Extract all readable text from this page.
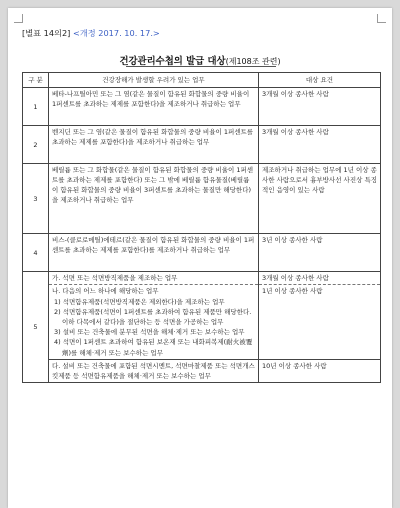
[별표 14의2] <개정 2017. 10. 17.>
건강관리수첩의 발급 대상(제108조 관련)
구 분	건강장해가 발생할 우려가 있는 업무	대상 요건
1	베타-나프틸아민 또는 그 염(같은 물질이 함유된 화합물의 중량 비율이 1퍼센트를 초과하는 제제를 포함한다)을 제조하거나 취급하는 업무	3개월 이상 종사한 사람
2	벤지딘 또는 그 염(같은 물질이 함유된 화합물의 중량 비율이 1퍼센트를 초과하는 제제를 포함한다)을 제조하거나 취급하는 업무	3개월 이상 종사한 사람
3	베릴륨 또는 그 화합물(같은 물질이 함유된 화합물의 중량 비율이 1퍼센트를 초과하는 제제를 포함한다) 또는 그 밖에 베릴륨 함유물질(베릴륨이 함유된 화합물의 중량 비율이 3퍼센트를 초과하는 물질만 해당한다)을 제조하거나 취급하는 업무	제조하거나 취급하는 업무에 1년 이상 종사한 사람으로서 흉부방사선 사진상 특징적인 음영이 있는 사람
4	비스-(클로로메틸)에테르(같은 물질이 함유된 화합물의 중량 비율이 1퍼센트를 초과하는 제제를 포함한다)를 제조하거나 취급하는 업무	3년 이상 종사한 사람
5	가. 석면 또는 석면방직제품을 제조하는 업무	3개월 이상 종사한 사람

	나. 다음의 어느 하나에 해당하는 업무
1) 석면함유제품(석면방직제품은 제외한다)을 제조하는 업무
2) 석면함유제품(석면이 1퍼센트를 초과하여 함유된 제품만 해당한다. 이하 다목에서 같다)을 절단하는 등 석면을 가공하는 업무
3) 설비 또는 건축물에 분무된 석면을 해체·제거 또는 보수하는 업무
4) 석면이 1퍼센트 초과하여 함유된 보온재 또는 내화피복제(耐火被覆劑)를 해체·제거 또는 보수하는 업무	1년 이상 종사한 사람
	다. 설비 또는 건축물에 포함된 석면시멘트, 석면마찰제품 또는 석면개스킷제품 등 석면함유제품을 해체·제거 또는 보수하는 업무	10년 이상 종사한 사람
